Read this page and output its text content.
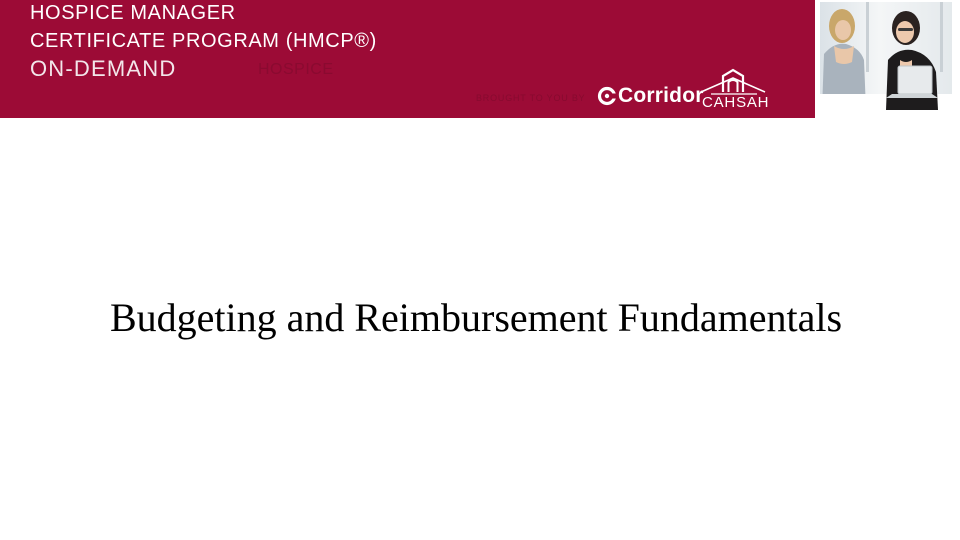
HOSPICE MANAGER
CERTIFICATE PROGRAM (HMCP®)
ON-DEMAND	HOSPICE
BROUGHT TO YOU BY Corridor
CAHSAH
Budgeting and Reimbursement Fundamentals
